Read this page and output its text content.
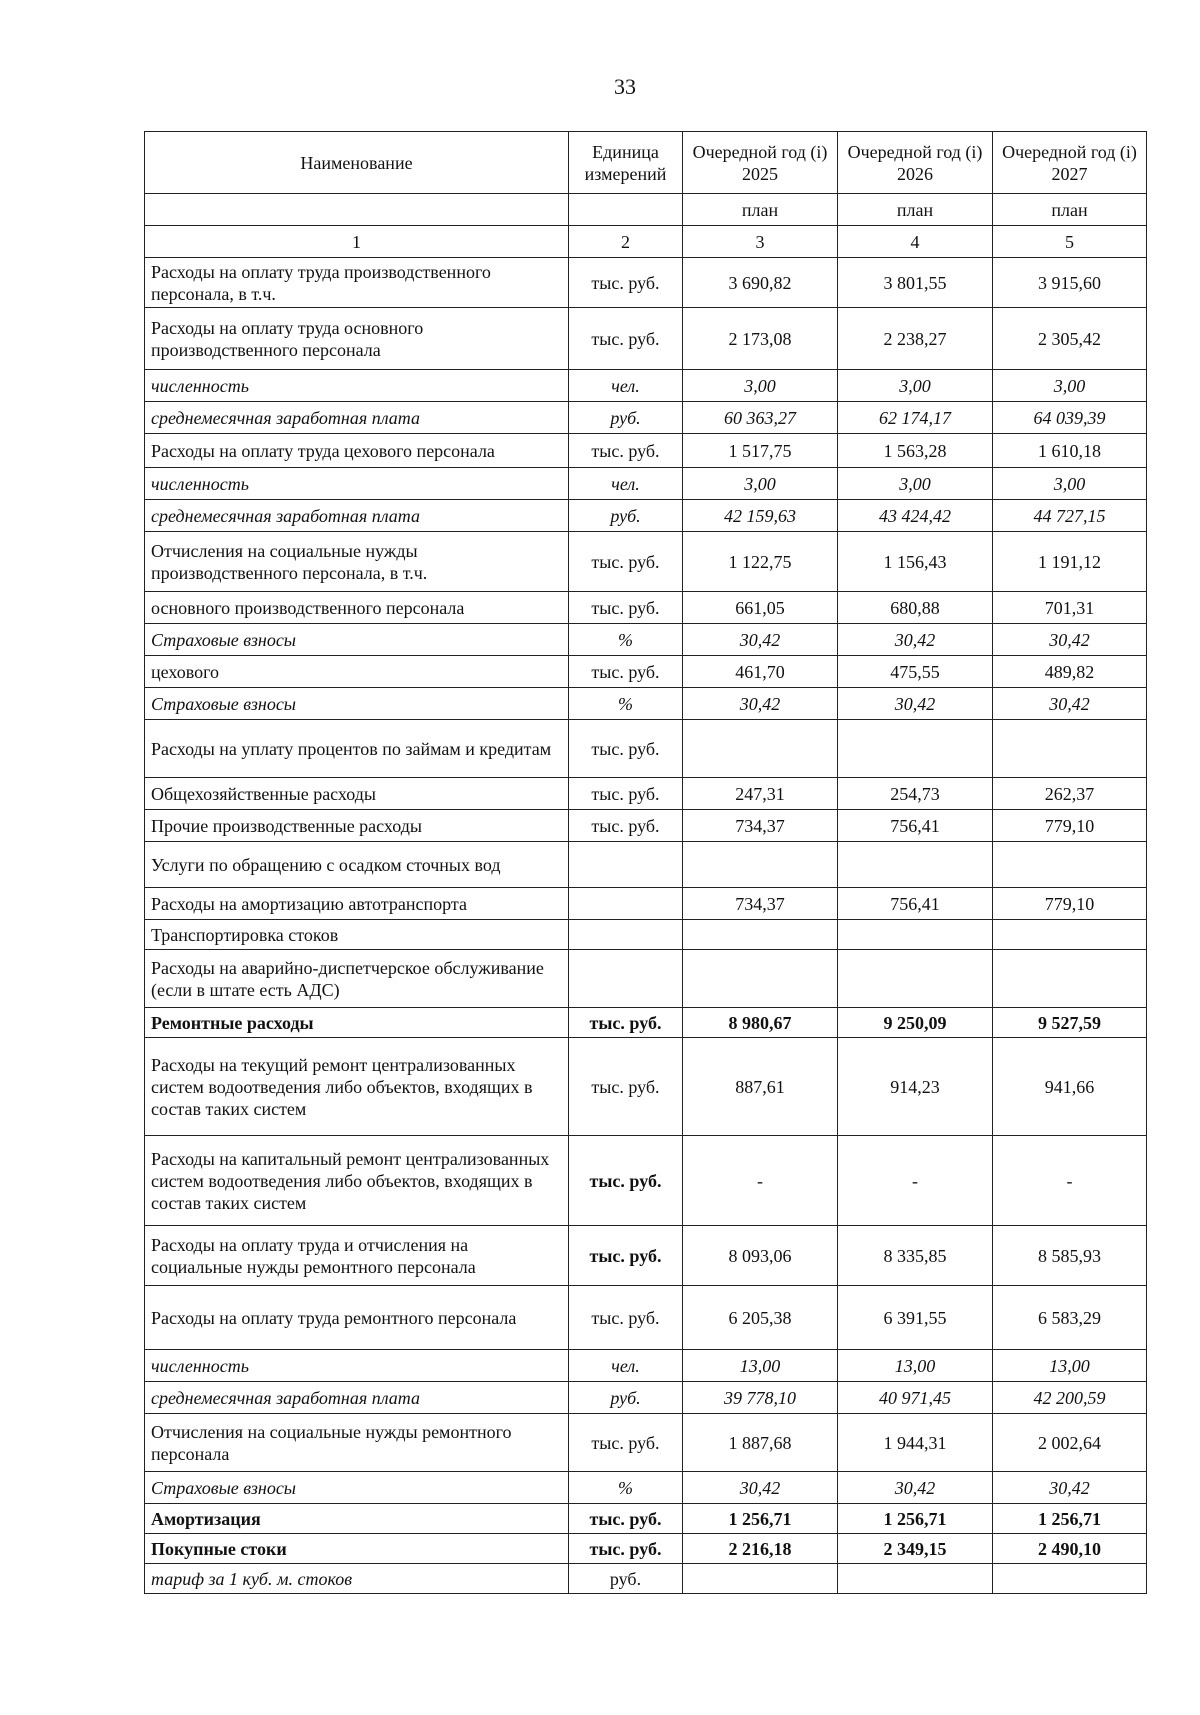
33
Наименование	Единица измерений	Очередной год (i) 2025	Очередной год (i) 2026	Очередной год (i) 2027
		план	план	план
1	2	3	4	5
Расходы на оплату труда производственного персонала, в т.ч.	тыс. руб.	3 690,82	3 801,55	3 915,60
Расходы на оплату труда основного производственного персонала	тыс. руб.	2 173,08	2 238,27	2 305,42
численность	чел.	3,00	3,00	3,00
среднемесячная заработная плата	руб.	60 363,27	62 174,17	64 039,39
Расходы на оплату труда цехового персонала	тыс. руб.	1 517,75	1 563,28	1 610,18
численность	чел.	3,00	3,00	3,00
среднемесячная заработная плата	руб.	42 159,63	43 424,42	44 727,15
Отчисления на социальные нужды производственного персонала, в т.ч.	тыс. руб.	1 122,75	1 156,43	1 191,12
основного производственного персонала	тыс. руб.	661,05	680,88	701,31
Страховые взносы	%	30,42	30,42	30,42
цехового	тыс. руб.	461,70	475,55	489,82
Страховые взносы	%	30,42	30,42	30,42
Расходы на уплату процентов по займам и кредитам	тыс. руб.			
Общехозяйственные расходы	тыс. руб.	247,31	254,73	262,37
Прочие производственные расходы	тыс. руб.	734,37	756,41	779,10
Услуги по обращению с осадком сточных вод				
Расходы на амортизацию автотранспорта		734,37	756,41	779,10
Транспортировка стоков				
Расходы на аварийно-диспетчерское обслуживание (если в штате есть АДС)				
Ремонтные расходы	тыс. руб.	8 980,67	9 250,09	9 527,59
Расходы на текущий ремонт централизованных систем водоотведения либо объектов, входящих в состав таких систем	тыс. руб.	887,61	914,23	941,66
Расходы на капитальный ремонт централизованных систем водоотведения либо объектов, входящих в состав таких систем	тыс. руб.	-	-	-
Расходы на оплату труда и отчисления на социальные нужды ремонтного персонала	тыс. руб.	8 093,06	8 335,85	8 585,93
Расходы на оплату труда ремонтного персонала	тыс. руб.	6 205,38	6 391,55	6 583,29
численность	чел.	13,00	13,00	13,00
среднемесячная заработная плата	руб.	39 778,10	40 971,45	42 200,59
Отчисления на социальные нужды ремонтного персонала	тыс. руб.	1 887,68	1 944,31	2 002,64
Страховые взносы	%	30,42	30,42	30,42
Амортизация	тыс. руб.	1 256,71	1 256,71	1 256,71
Покупные стоки	тыс. руб.	2 216,18	2 349,15	2 490,10
тариф за 1 куб. м. стоков	руб.			
